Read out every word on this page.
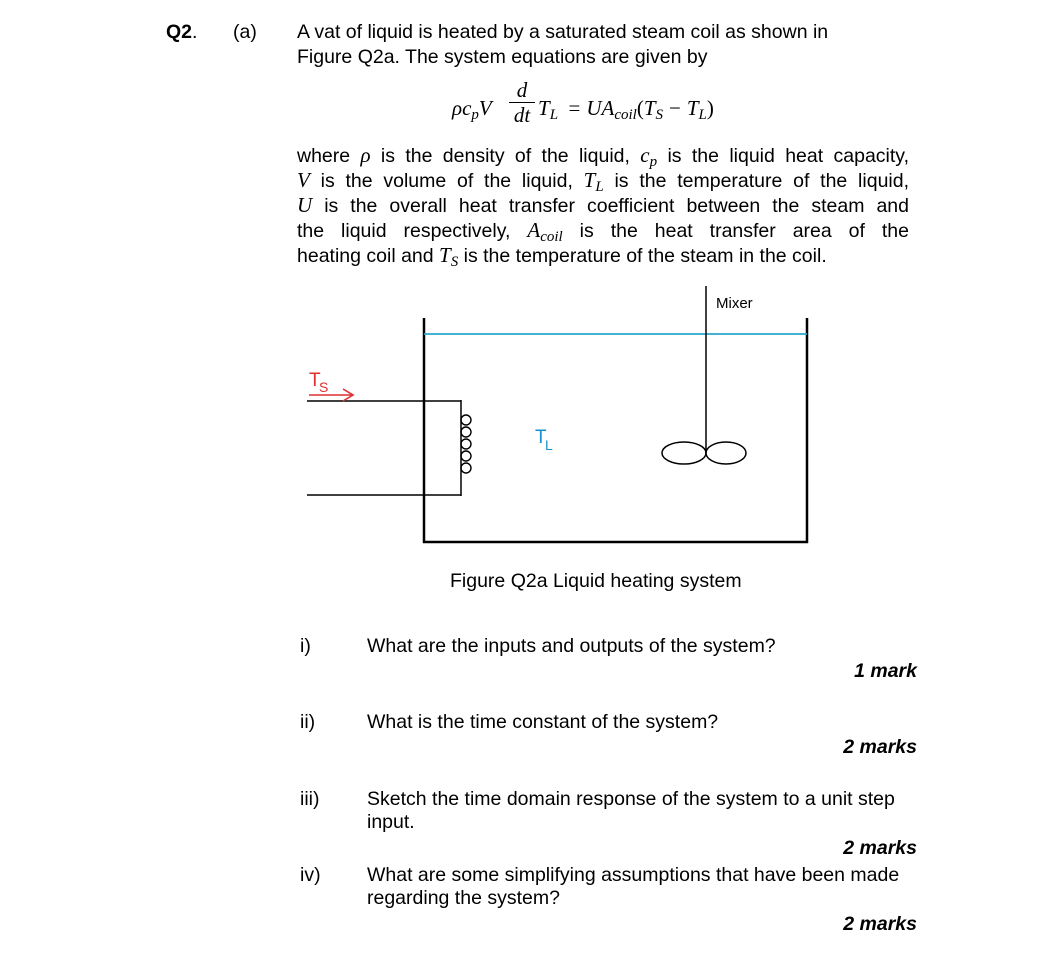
Q2. (a) A vat of liquid is heated by a saturated steam coil as shown in
Figure Q2a. The system equations are given by
ρcpV
d
dt TL = UAcoil(TS − TL)
where ρ is the density of the liquid, $c_p$ is the liquid heat capacity,
V is the volume of the liquid, $T_L$ is the temperature of the liquid,
U is the overall heat transfer coefficient between the steam and
the liquid respectively, $A_{coil}$ is the heat transfer area of the
heating coil and $T_S$ is the temperature of the steam in the coil.
Mixer
T
S
T
L
Figure Q2a Liquid heating system
i)	What are the inputs and outputs of the system?
1 mark
ii)	What is the time constant of the system?
2 marks
iii) Sketch the time domain response of the system to a unit step input.
2 marks
iv) What are some simplifying assumptions that have been made regarding the system?
2 marks
